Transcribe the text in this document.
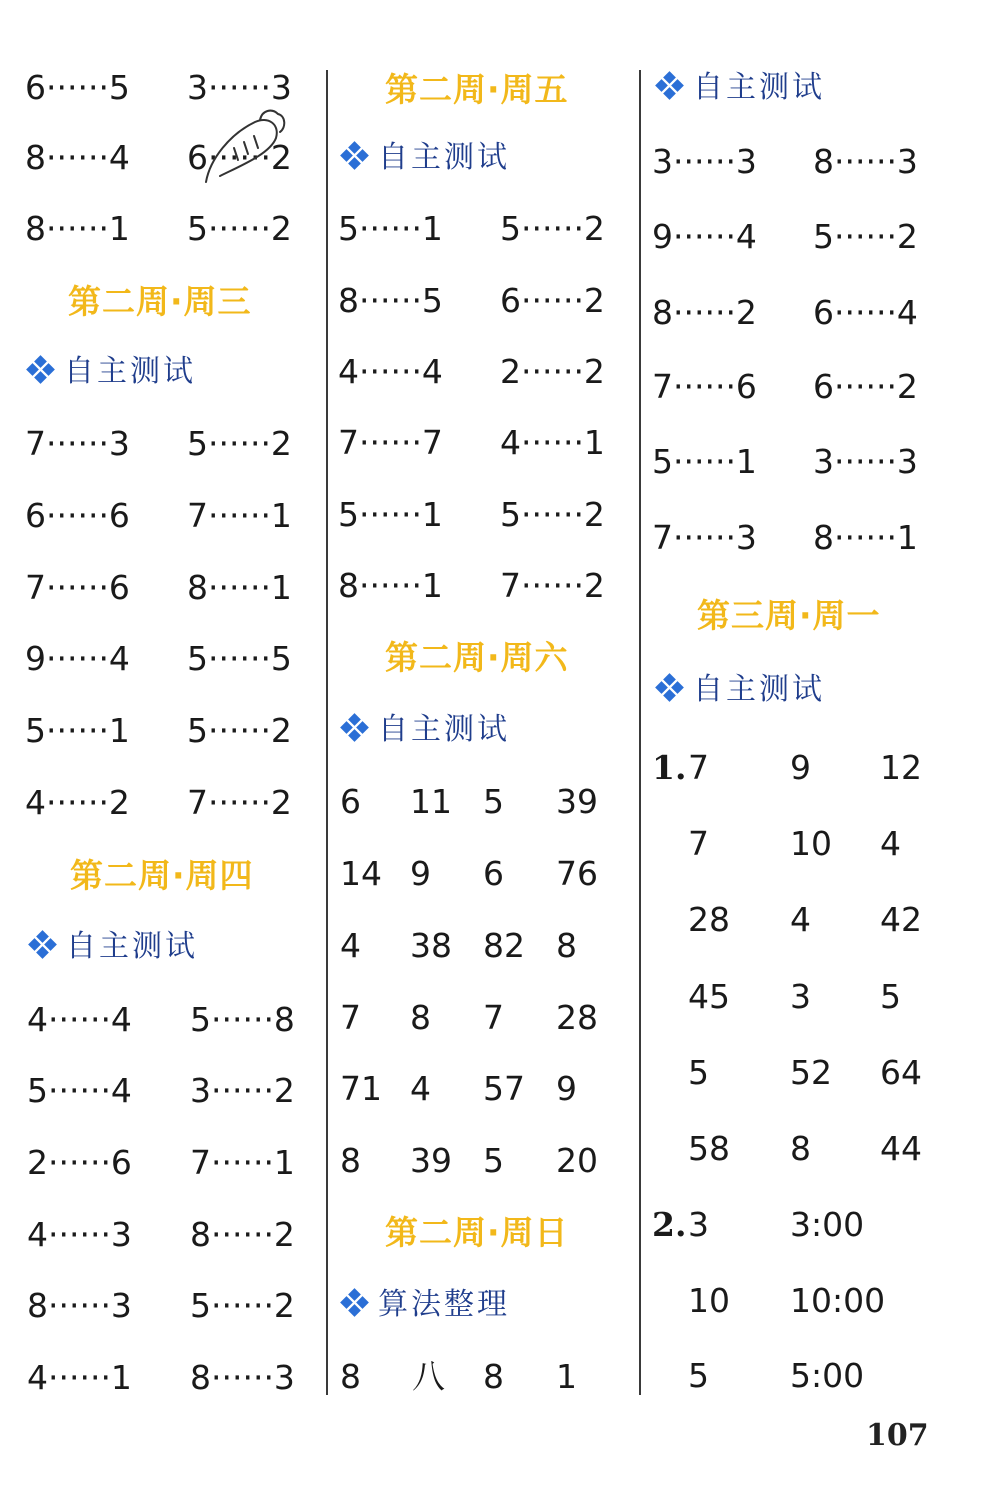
6······5 3······3
8······4 6······2
8······1 5······2
第二周·周三
自主测试
7······3 5······2
6······6 7······1
7······6 8······1
9······4 5······5
5······1 5······2
4······2 7······2
第二周·周四
自主测试
4······4 5······8
5······4 3······2
2······6 7······1
4······3 8······2
8······3 5······2
4······1 8······3
第二周·周五
自主测试
5······1 5······2
8······5 6······2
4······4 2······2
7······7 4······1
5······1 5······2
8······1 7······2
第二周·周六
自主测试
6 11 5 39
14 9 6 76
4 38 82 8
7 8 7 28
71 4 57 9
8 39 5 20
第二周·周日
算法整理
8 八 8 1
自主测试
3······3 8······3
9······4 5······2
8······2 6······4
7······6 6······2
5······1 3······3
7······3 8······1
第三周·周一
自主测试
1. 7 9 12
7 10 4
28 4 42
45 3 5
5 52 64
58 8 44
2. 3 3:00
10 10:00
5 5:00
107
